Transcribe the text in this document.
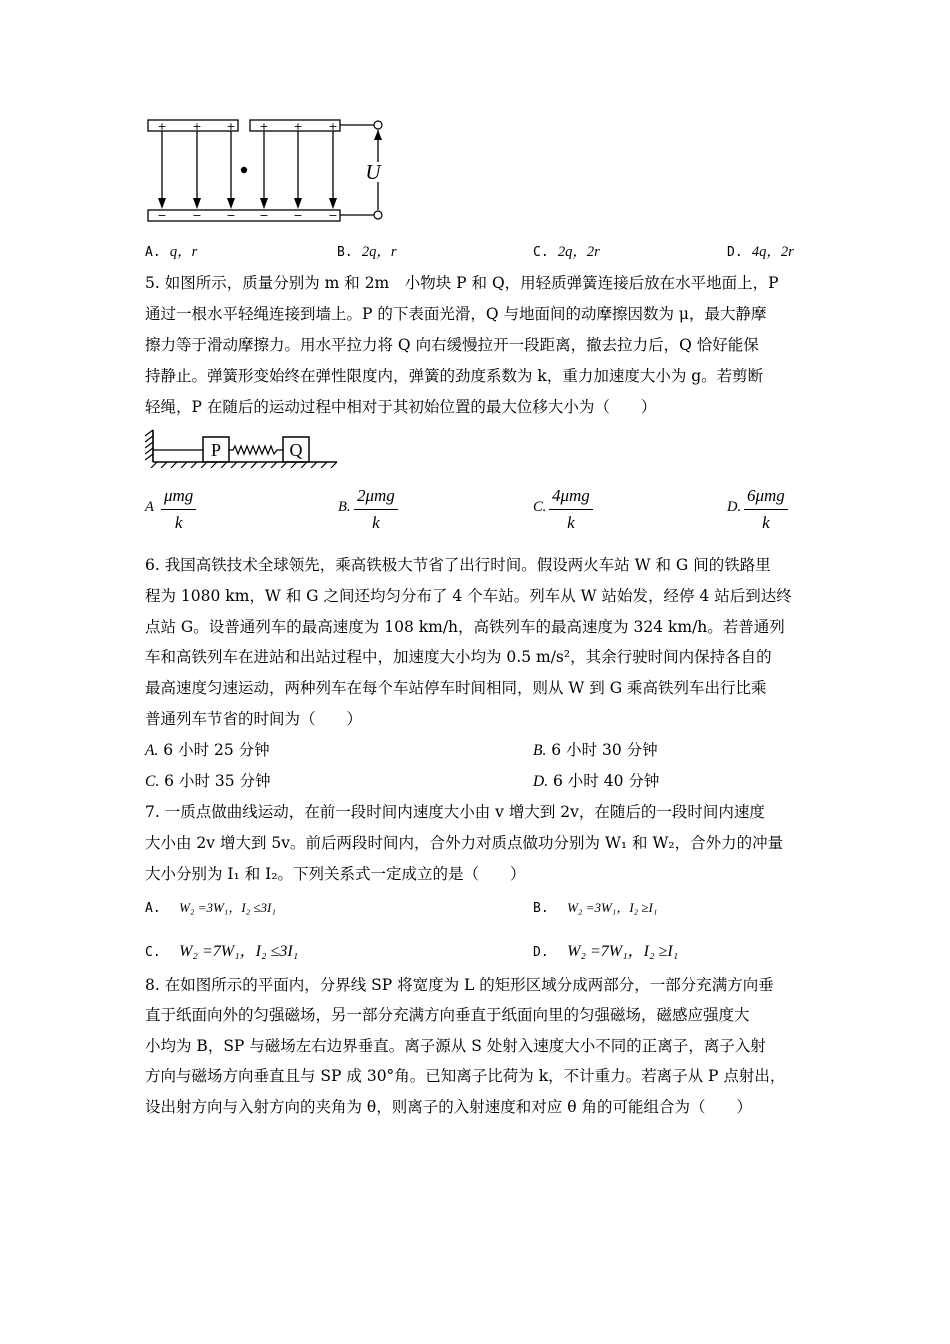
+ + + + + +
− − − − − −
U
A. q，r	B. 2q，r	C. 2q，2r	D. 4q，2r
5. 如图所示，质量分别为 m 和 2m　小物块 P 和 Q，用轻质弹簧连接后放在水平地面上，P
通过一根水平轻绳连接到墙上。P 的下表面光滑，Q 与地面间的动摩擦因数为 μ，最大静摩
擦力等于滑动摩擦力。用水平拉力将 Q 向右缓慢拉开一段距离，撤去拉力后，Q 恰好能保
持静止。弹簧形变始终在弹性限度内，弹簧的劲度系数为 k，重力加速度大小为 g。若剪断
轻绳，P 在随后的运动过程中相对于其初始位置的最大位移大小为（　　）
P	Q
A
μmg
k
B.
2μmg
k
C.
4μmg
k
D.
6μmg
k
6. 我国高铁技术全球领先，乘高铁极大节省了出行时间。假设两火车站 W 和 G 间的铁路里
程为 1080 km，W 和 G 之间还均匀分布了 4 个车站。列车从 W 站始发，经停 4 站后到达终
点站 G。设普通列车的最高速度为 108 km/h，高铁列车的最高速度为 324 km/h。若普通列
车和高铁列车在进站和出站过程中，加速度大小均为 0.5 m/s²，其余行驶时间内保持各自的
最高速度匀速运动，两种列车在每个车站停车时间相同，则从 W 到 G 乘高铁列车出行比乘
普通列车节省的时间为（　　）
A. 6 小时 25 分钟	B. 6 小时 30 分钟
C. 6 小时 35 分钟	D. 6 小时 40 分钟
7. 一质点做曲线运动，在前一段时间内速度大小由 v 增大到 2v，在随后的一段时间内速度
大小由 2v 增大到 5v。前后两段时间内，合外力对质点做功分别为 W₁ 和 W₂，合外力的冲量
大小分别为 I₁ 和 I₂。下列关系式一定成立的是（　　）
A. W₂ =3W₁，I₂ ≤3I₁	B. W₂ =3W₁，I₂ ≥I₁
C. W₂ =7W₁，I₂ ≤3I₁	D. W₂ =7W₁，I₂ ≥I₁
8. 在如图所示的平面内，分界线 SP 将宽度为 L 的矩形区域分成两部分，一部分充满方向垂
直于纸面向外的匀强磁场，另一部分充满方向垂直于纸面向里的匀强磁场，磁感应强度大
小均为 B，SP 与磁场左右边界垂直。离子源从 S 处射入速度大小不同的正离子，离子入射
方向与磁场方向垂直且与 SP 成 30°角。已知离子比荷为 k，不计重力。若离子从 P 点射出，
设出射方向与入射方向的夹角为 θ，则离子的入射速度和对应 θ 角的可能组合为（　　）
